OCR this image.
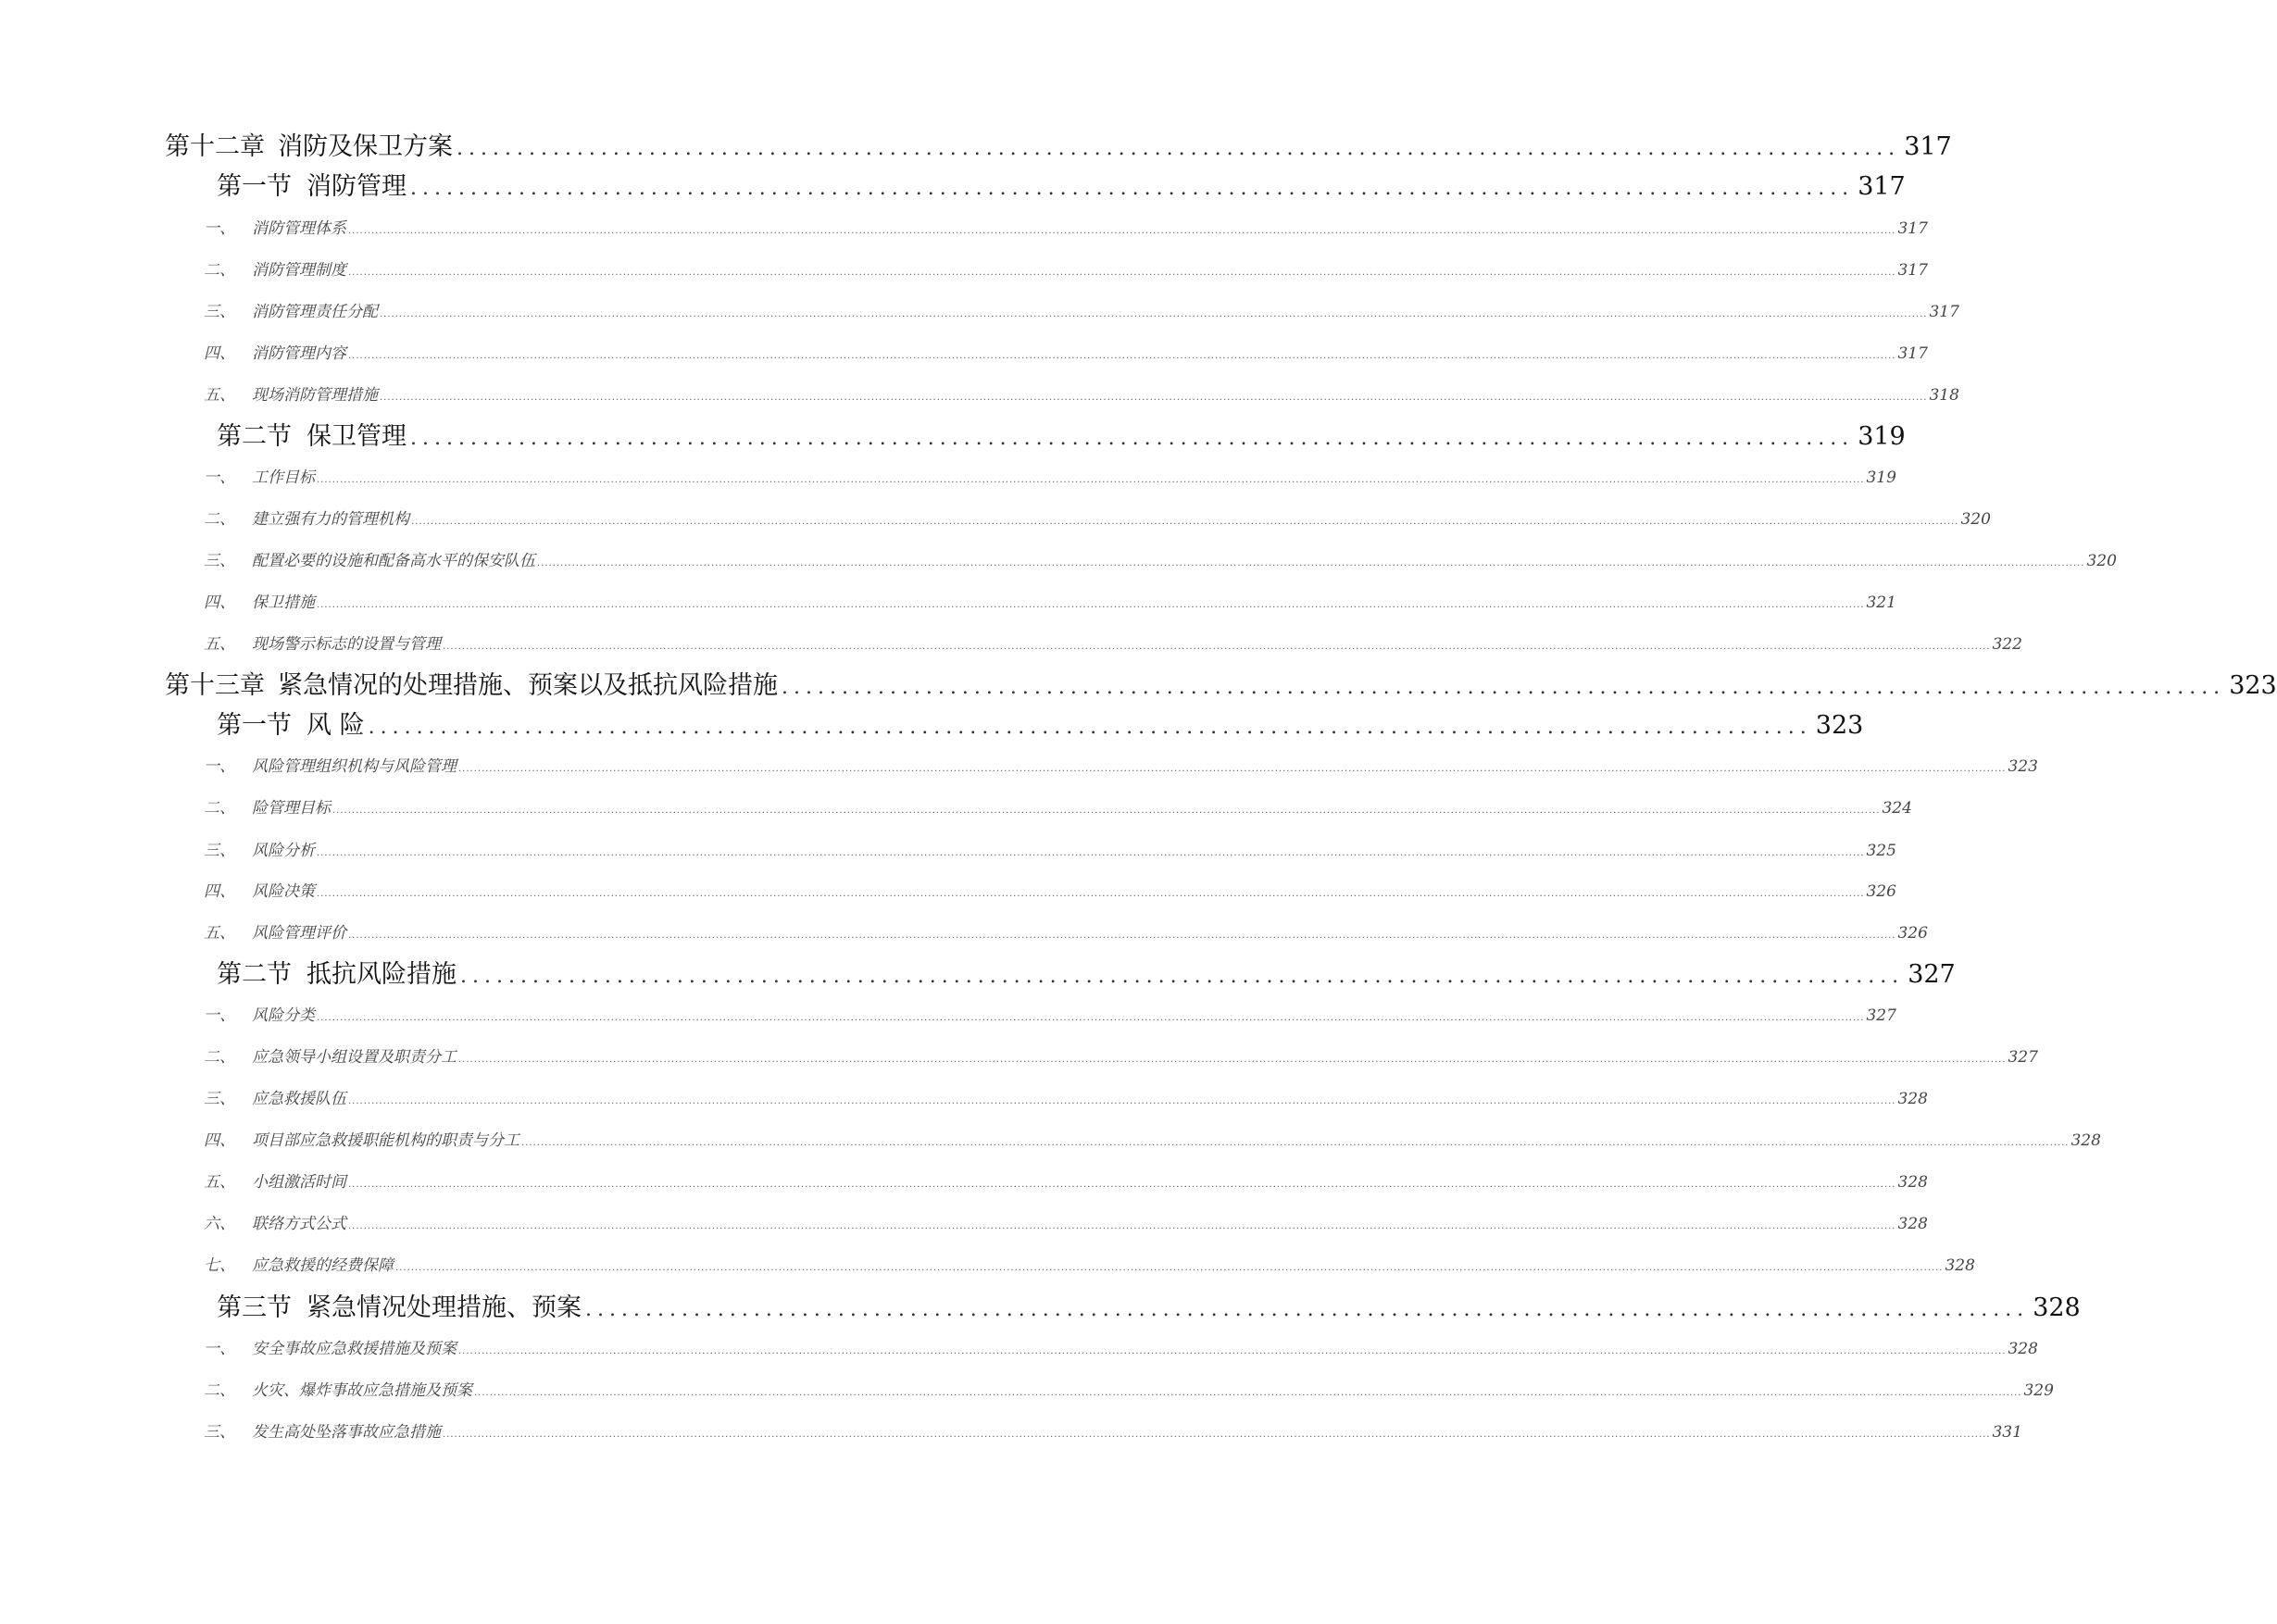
第十二章 消防及保卫方案 ........................................................................................................................ 317
第一节 消防管理 ........................................................................................................................ 317
一、	消防管理体系 ................................................................................................................................................................................................................................................................................................................................................................................................................ 317
二、	消防管理制度 ................................................................................................................................................................................................................................................................................................................................................................................................................ 317
三、	消防管理责任分配 ................................................................................................................................................................................................................................................................................................................................................................................................................ 317
四、	消防管理内容 ................................................................................................................................................................................................................................................................................................................................................................................................................ 317
五、	现场消防管理措施 ................................................................................................................................................................................................................................................................................................................................................................................................................ 318
第二节 保卫管理 ........................................................................................................................ 319
一、	工作目标 ................................................................................................................................................................................................................................................................................................................................................................................................................ 319
二、	建立强有力的管理机构 ................................................................................................................................................................................................................................................................................................................................................................................................................ 320
三、	配置必要的设施和配备高水平的保安队伍 ................................................................................................................................................................................................................................................................................................................................................................................................................ 320
四、	保卫措施 ................................................................................................................................................................................................................................................................................................................................................................................................................ 321
五、	现场警示标志的设置与管理 ................................................................................................................................................................................................................................................................................................................................................................................................................ 322
第十三章 紧急情况的处理措施、预案以及抵抗风险措施 ........................................................................................................................ 323
第一节 风 险 ........................................................................................................................ 323
一、	风险管理组织机构与风险管理 ................................................................................................................................................................................................................................................................................................................................................................................................................ 323
二、	险管理目标 ................................................................................................................................................................................................................................................................................................................................................................................................................ 324
三、	风险分析 ................................................................................................................................................................................................................................................................................................................................................................................................................ 325
四、	风险决策 ................................................................................................................................................................................................................................................................................................................................................................................................................ 326
五、	风险管理评价 ................................................................................................................................................................................................................................................................................................................................................................................................................ 326
第二节 抵抗风险措施 ........................................................................................................................ 327
一、	风险分类 ................................................................................................................................................................................................................................................................................................................................................................................................................ 327
二、	应急领导小组设置及职责分工 ................................................................................................................................................................................................................................................................................................................................................................................................................ 327
三、	应急救援队伍 ................................................................................................................................................................................................................................................................................................................................................................................................................ 328
四、	项目部应急救援职能机构的职责与分工 ................................................................................................................................................................................................................................................................................................................................................................................................................ 328
五、	小组激活时间 ................................................................................................................................................................................................................................................................................................................................................................................................................ 328
六、	联络方式公式 ................................................................................................................................................................................................................................................................................................................................................................................................................ 328
七、	应急救援的经费保障 ................................................................................................................................................................................................................................................................................................................................................................................................................ 328
第三节 紧急情况处理措施、预案 ........................................................................................................................ 328
一、	安全事故应急救援措施及预案 ................................................................................................................................................................................................................................................................................................................................................................................................................ 328
二、	火灾、爆炸事故应急措施及预案 ................................................................................................................................................................................................................................................................................................................................................................................................................ 329
三、	发生高处坠落事故应急措施 ................................................................................................................................................................................................................................................................................................................................................................................................................ 331
